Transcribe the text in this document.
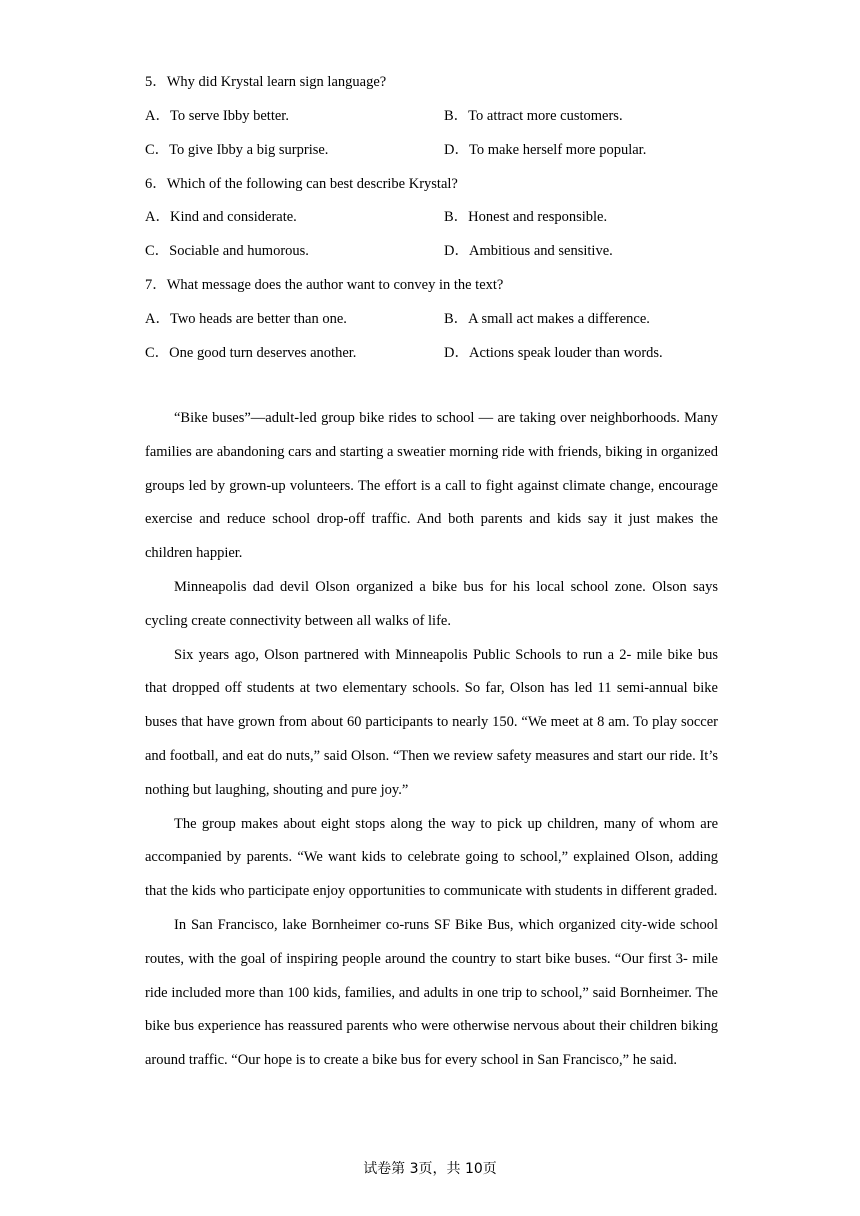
5．Why did Krystal learn sign language?
A．To serve Ibby better.	B．To attract more customers.
C．To give Ibby a big surprise.	D．To make herself more popular.
6．Which of the following can best describe Krystal?
A．Kind and considerate.	B．Honest and responsible.
C．Sociable and humorous.	D．Ambitious and sensitive.
7．What message does the author want to convey in the text?
A．Two heads are better than one.	B．A small act makes a difference.
C．One good turn deserves another.	D．Actions speak louder than words.

“Bike buses”—adult-led group bike rides to school — are taking over neighborhoods. Many families are abandoning cars and starting a sweatier morning ride with friends, biking in organized groups led by grown-up volunteers. The effort is a call to fight against climate change, encourage exercise and reduce school drop-off traffic. And both parents and kids say it just makes the children happier.

Minneapolis dad devil Olson organized a bike bus for his local school zone. Olson says cycling create connectivity between all walks of life.

Six years ago, Olson partnered with Minneapolis Public Schools to run a 2- mile bike bus that dropped off students at two elementary schools. So far, Olson has led 11 semi-annual bike buses that have grown from about 60 participants to nearly 150. “We meet at 8 am. To play soccer and football, and eat do nuts,” said Olson. “Then we review safety measures and start our ride. It’s nothing but laughing, shouting and pure joy.”

The group makes about eight stops along the way to pick up children, many of whom are accompanied by parents. “We want kids to celebrate going to school,” explained Olson, adding that the kids who participate enjoy opportunities to communicate with students in different graded.

In San Francisco, lake Bornheimer co-runs SF Bike Bus, which organized city-wide school routes, with the goal of inspiring people around the country to start bike buses. “Our first 3- mile ride included more than 100 kids, families, and adults in one trip to school,” said Bornheimer. The bike bus experience has reassured parents who were otherwise nervous about their children biking around traffic. “Our hope is to create a bike bus for every school in San Francisco,” he said.

试卷第 3页，共 10页
